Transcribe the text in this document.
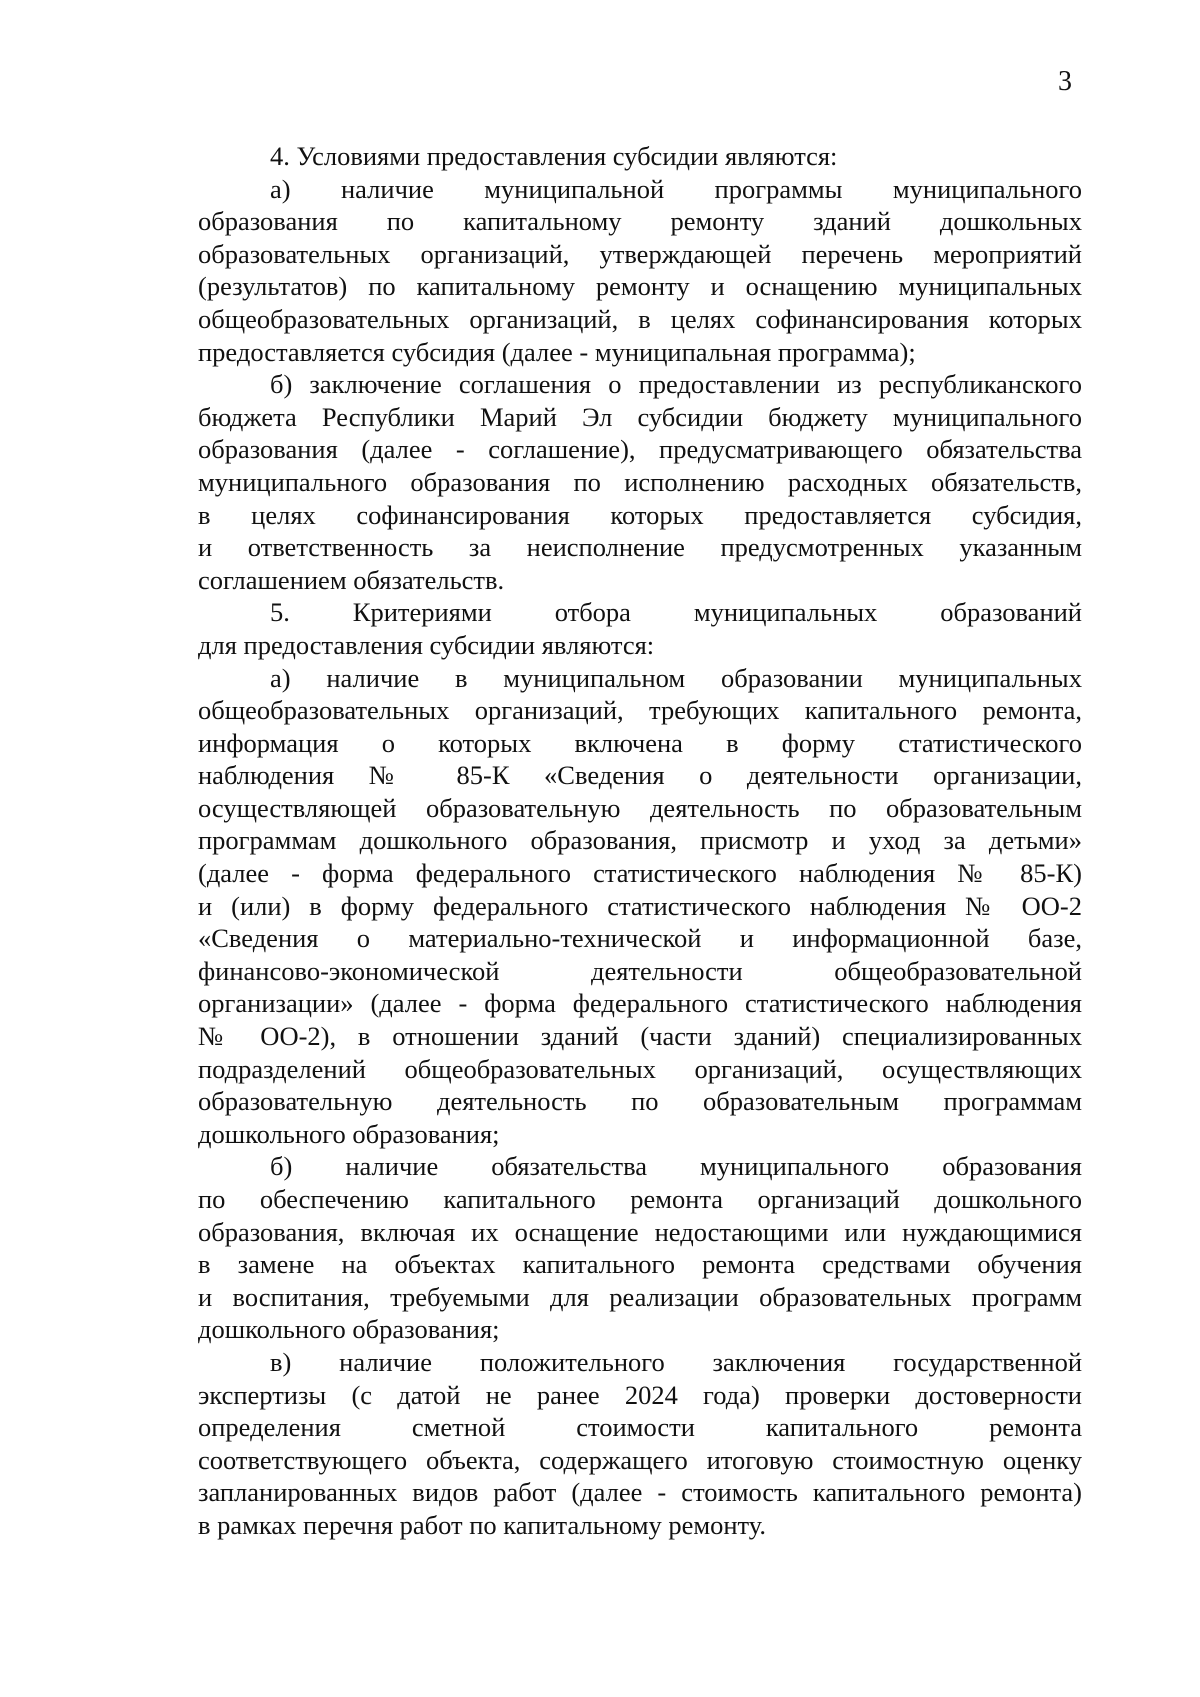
3
4. Условиями предоставления субсидии являются:
а) наличие муниципальной программы муниципального
образования по капитальному ремонту зданий дошкольных
образовательных организаций, утверждающей перечень мероприятий
(результатов) по капитальному ремонту и оснащению муниципальных
общеобразовательных организаций, в целях софинансирования которых
предоставляется субсидия (далее - муниципальная программа);
б) заключение соглашения о предоставлении из республиканского
бюджета Республики Марий Эл субсидии бюджету муниципального
образования (далее - соглашение), предусматривающего обязательства
муниципального образования по исполнению расходных обязательств,
в целях софинансирования которых предоставляется субсидия,
и ответственность за неисполнение предусмотренных указанным
соглашением обязательств.
5. Критериями отбора муниципальных образований
для предоставления субсидии являются:
а) наличие в муниципальном образовании муниципальных
общеобразовательных организаций, требующих капитального ремонта,
информация о которых включена в форму статистического
наблюдения № 85-К «Сведения о деятельности организации,
осуществляющей образовательную деятельность по образовательным
программам дошкольного образования, присмотр и уход за детьми»
(далее - форма федерального статистического наблюдения № 85-К)
и (или) в форму федерального статистического наблюдения № ОО-2
«Сведения о материально-технической и информационной базе,
финансово-экономической деятельности общеобразовательной
организации» (далее - форма федерального статистического наблюдения
№ ОО-2), в отношении зданий (части зданий) специализированных
подразделений общеобразовательных организаций, осуществляющих
образовательную деятельность по образовательным программам
дошкольного образования;
б) наличие обязательства муниципального образования
по обеспечению капитального ремонта организаций дошкольного
образования, включая их оснащение недостающими или нуждающимися
в замене на объектах капитального ремонта средствами обучения
и воспитания, требуемыми для реализации образовательных программ
дошкольного образования;
в) наличие положительного заключения государственной
экспертизы (с датой не ранее 2024 года) проверки достоверности
определения сметной стоимости капитального ремонта
соответствующего объекта, содержащего итоговую стоимостную оценку
запланированных видов работ (далее - стоимость капитального ремонта)
в рамках перечня работ по капитальному ремонту.
